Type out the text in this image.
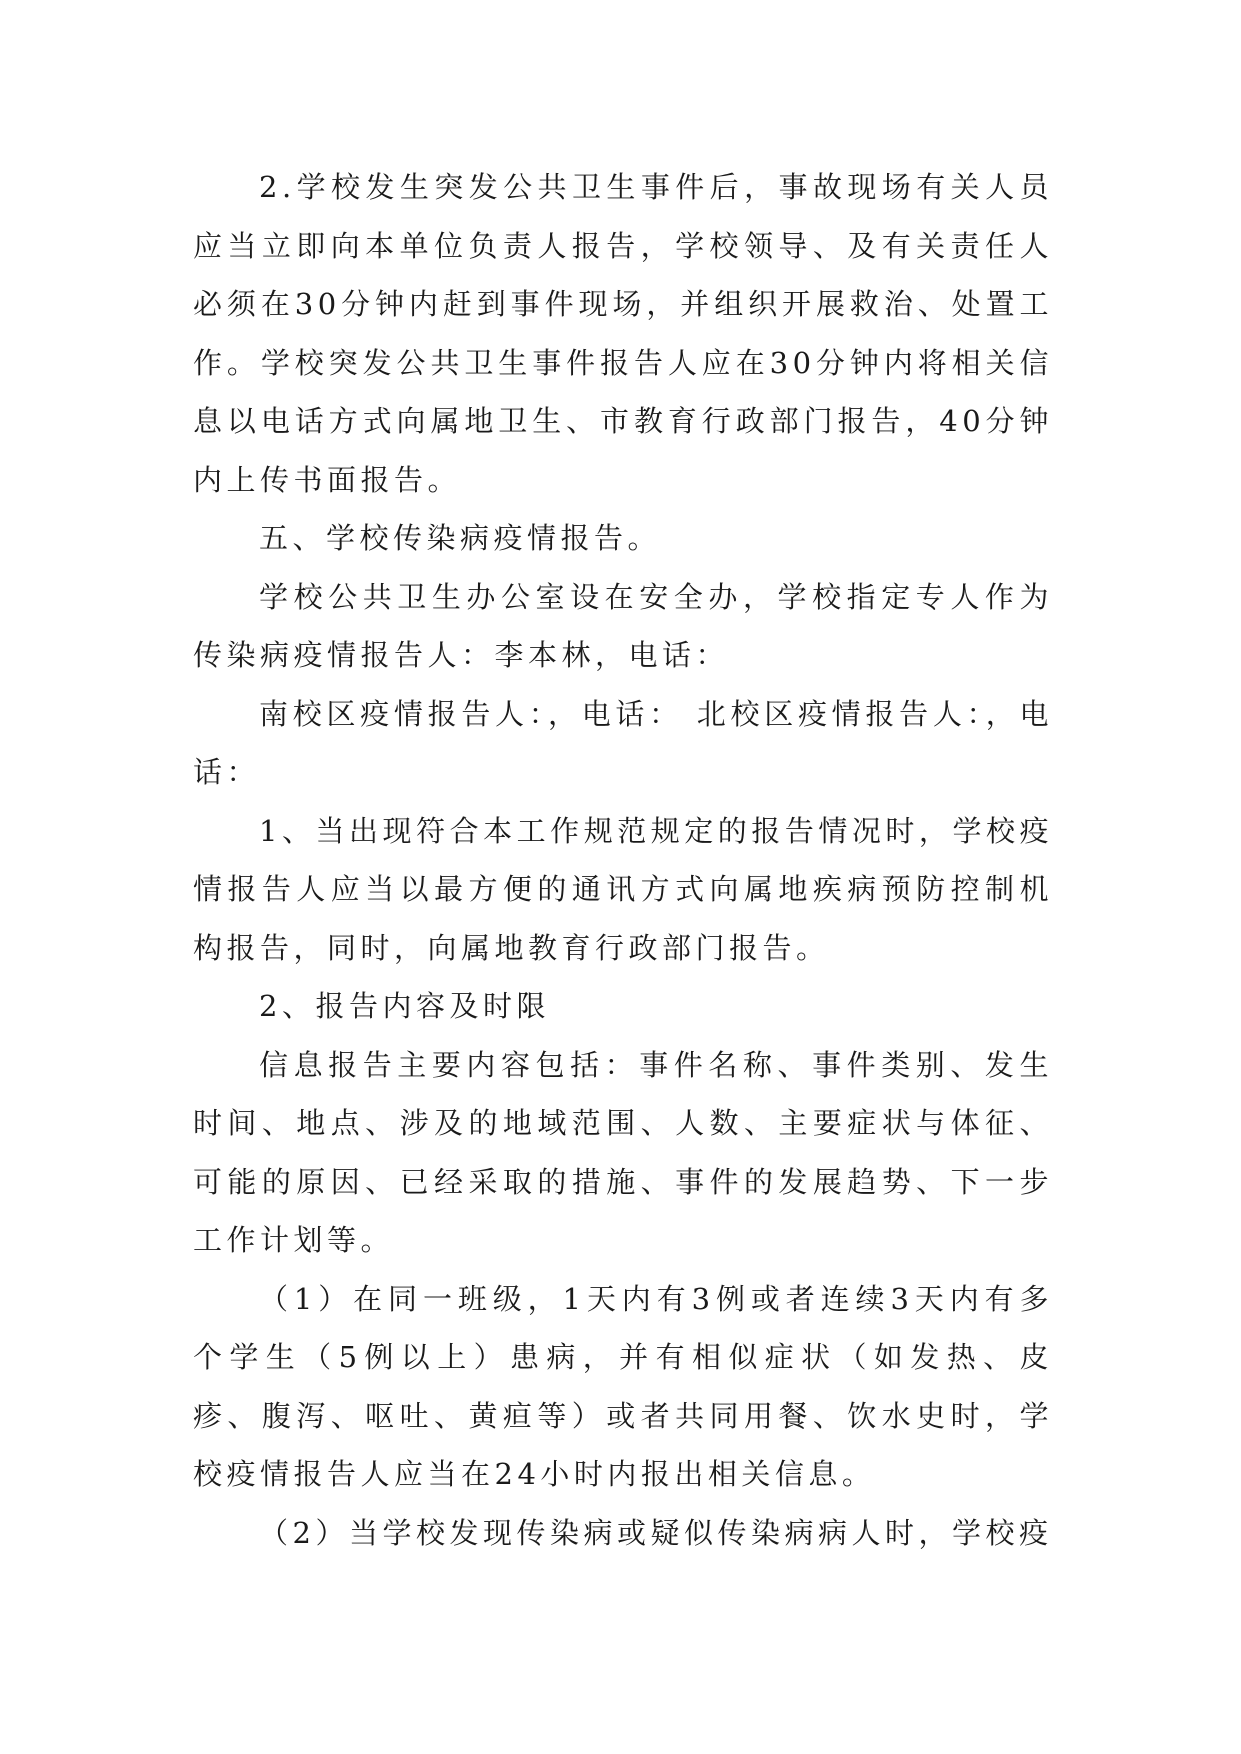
2.学校发生突发公共卫生事件后，事故现场有关人员应当立即向本单位负责人报告，学校领导、及有关责任人必须在30分钟内赶到事件现场，并组织开展救治、处置工作。学校突发公共卫生事件报告人应在30分钟内将相关信息以电话方式向属地卫生、市教育行政部门报告，40分钟内上传书面报告。

五、学校传染病疫情报告。

学校公共卫生办公室设在安全办，学校指定专人作为传染病疫情报告人：李本林，电话：

南校区疫情报告人：，电话： 北校区疫情报告人：，电话：

1、当出现符合本工作规范规定的报告情况时，学校疫情报告人应当以最方便的通讯方式向属地疾病预防控制机构报告，同时，向属地教育行政部门报告。

2、报告内容及时限

信息报告主要内容包括：事件名称、事件类别、发生时间、地点、涉及的地域范围、人数、主要症状与体征、可能的原因、已经采取的措施、事件的发展趋势、下一步工作计划等。

（1）在同一班级，1天内有3例或者连续3天内有多个学生（5例以上）患病，并有相似症状（如发热、皮疹、腹泻、呕吐、黄疸等）或者共同用餐、饮水史时，学校疫情报告人应当在24小时内报出相关信息。

（2）当学校发现传染病或疑似传染病病人时，学校疫
